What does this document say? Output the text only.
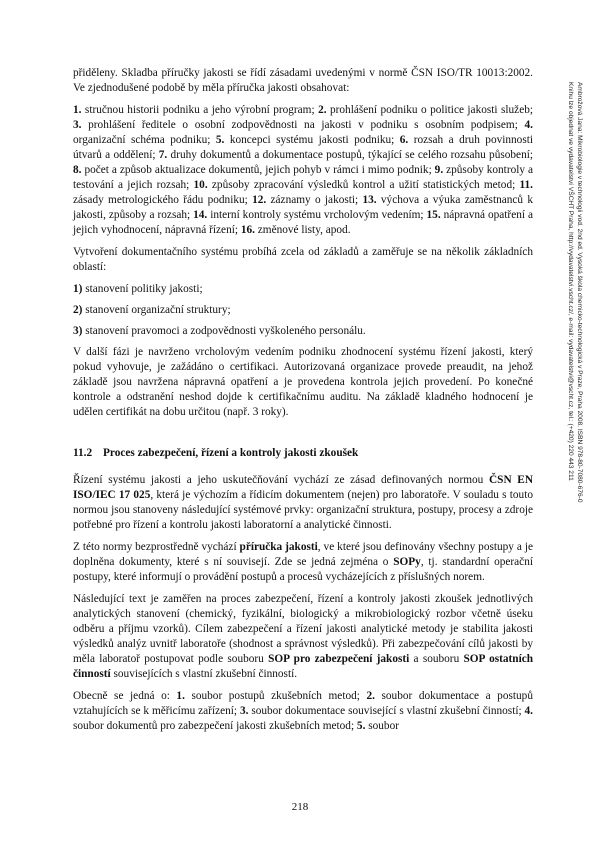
Ambrožová Jana: Mikrobiologie v technologii vod. 2nd ed. Vysoká škola chemicko-technologická v Praze, Praha 2008. ISBN 978-80-7080-676-0
Knihu lze objednat ve vydavatelství VŠCHT Praha, http://vydavatelstvi.vscht.cz/, e-mail: vydavatelstvi@vscht.cz, tel.: (+420) 220 443 211

přiděleny. Skladba příručky jakosti se řídí zásadami uvedenými v normě ČSN ISO/TR 10013:2002. Ve zjednodušené podobě by měla příručka jakosti obsahovat:

1. stručnou historii podniku a jeho výrobní program; 2. prohlášení podniku o politice jakosti služeb; 3. prohlášení ředitele o osobní zodpovědnosti na jakosti v podniku s osobním podpisem; 4. organizační schéma podniku; 5. koncepci systému jakosti podniku; 6. rozsah a druh povinnosti útvarů a oddělení; 7. druhy dokumentů a dokumentace postupů, týkající se celého rozsahu působení; 8. počet a způsob aktualizace dokumentů, jejich pohyb v rámci i mimo podnik; 9. způsoby kontroly a testování a jejich rozsah; 10. způsoby zpracování výsledků kontrol a užití statistických metod; 11. zásady metrologického řádu podniku; 12. záznamy o jakosti; 13. výchova a výuka zaměstnanců k jakosti, způsoby a rozsah; 14. interní kontroly systému vrcholovým vedením; 15. nápravná opatření a jejich vyhodnocení, nápravná řízení; 16. změnové listy, apod.

Vytvoření dokumentačního systému probíhá zcela od základů a zaměřuje se na několik základních oblastí:

1) stanovení politiky jakosti;

2) stanovení organizační struktury;

3) stanovení pravomoci a zodpovědnosti vyškoleného personálu.

V další fázi je navrženo vrcholovým vedením podniku zhodnocení systému řízení jakosti, který pokud vyhovuje, je zažádáno o certifikaci. Autorizovaná organizace provede preaudit, na jehož základě jsou navržena nápravná opatření a je provedena kontrola jejich provedení. Po konečné kontrole a odstranění neshod dojde k certifikačnímu auditu. Na základě kladného hodnocení je udělen certifikát na dobu určitou (např. 3 roky).

11.2 Proces zabezpečení, řízení a kontroly jakosti zkoušek

Řízení systému jakosti a jeho uskutečňování vychází ze zásad definovaných normou ČSN EN ISO/IEC 17 025, která je výchozím a řídicím dokumentem (nejen) pro laboratoře. V souladu s touto normou jsou stanoveny následující systémové prvky: organizační struktura, postupy, procesy a zdroje potřebné pro řízení a kontrolu jakosti laboratorní a analytické činnosti.

Z této normy bezprostředně vychází příručka jakosti, ve které jsou definovány všechny postupy a je doplněna dokumenty, které s ní souvisejí. Zde se jedná zejména o SOPy, tj. standardní operační postupy, které informují o provádění postupů a procesů vycházejících z příslušných norem.

Následující text je zaměřen na proces zabezpečení, řízení a kontroly jakosti zkoušek jednotlivých analytických stanovení (chemický, fyzikální, biologický a mikrobiologický rozbor včetně úseku odběru a příjmu vzorků). Cílem zabezpečení a řízení jakosti analytické metody je stabilita jakosti výsledků analýz uvnitř laboratoře (shodnost a správnost výsledků). Při zabezpečování cílů jakosti by měla laboratoř postupovat podle souboru SOP pro zabezpečení jakosti a souboru SOP ostatních činností souvisejících s vlastní zkušební činností.

Obecně se jedná o: 1. soubor postupů zkušebních metod; 2. soubor dokumentace a postupů vztahujících se k měřicímu zařízení; 3. soubor dokumentace související s vlastní zkušební činností; 4. soubor dokumentů pro zabezpečení jakosti zkušebních metod; 5. soubor

218
